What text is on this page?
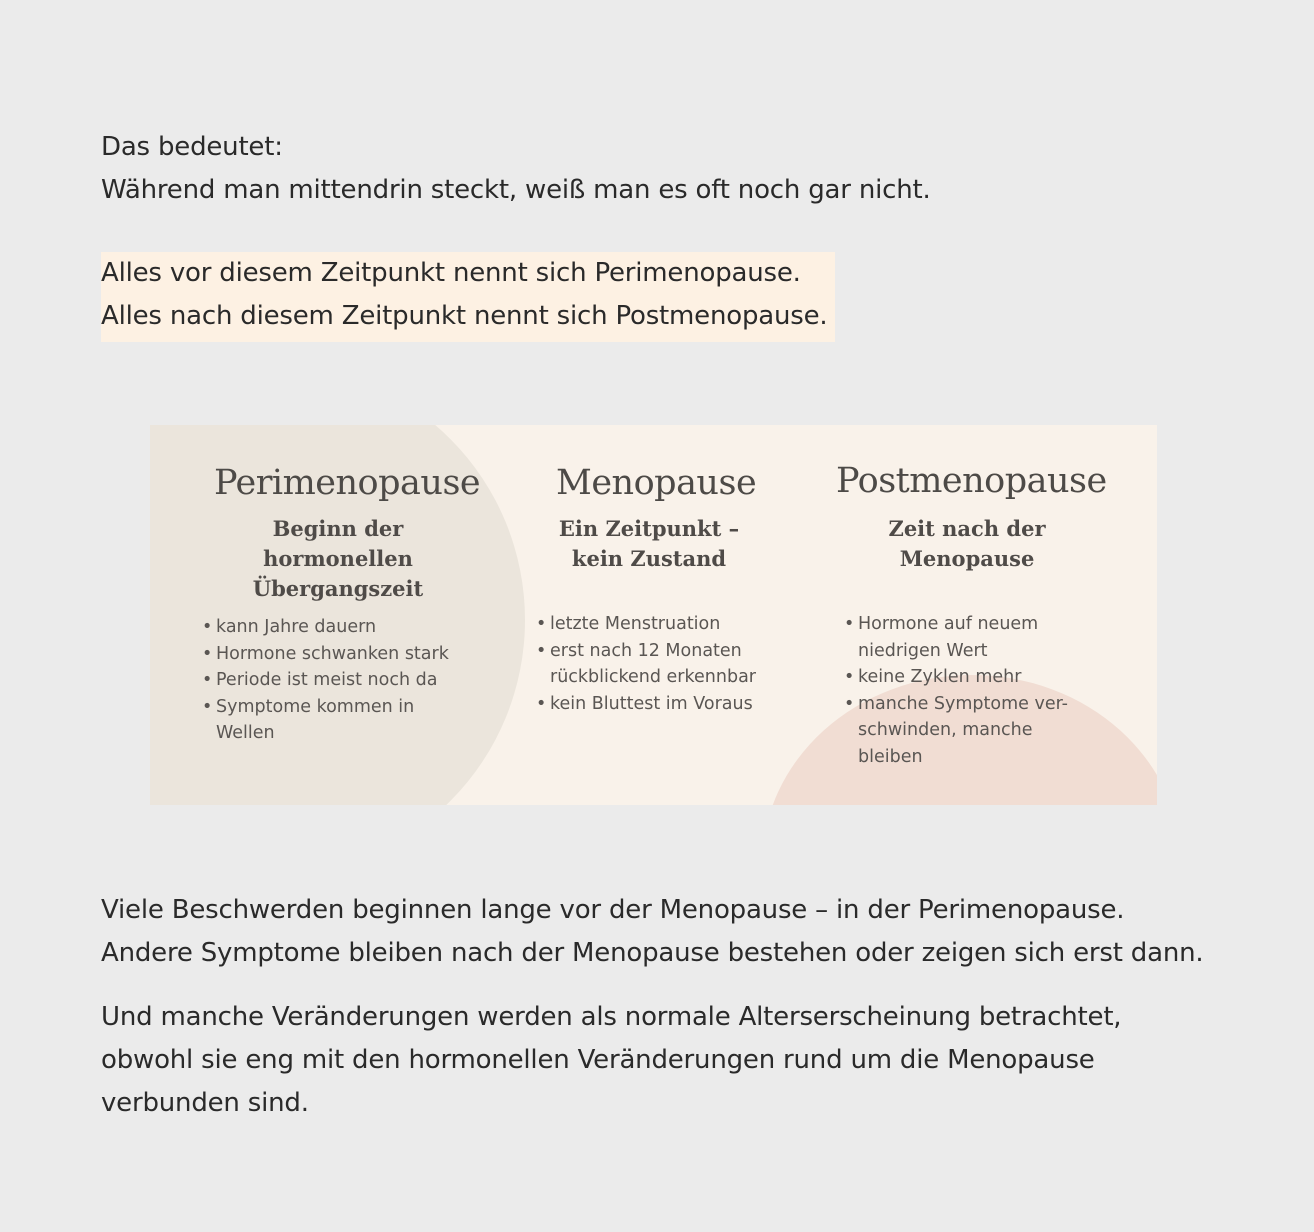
Das bedeutet:
Während man mittendrin steckt, weiß man es oft noch gar nicht.
Alles vor diesem Zeitpunkt nennt sich Perimenopause.
Alles nach diesem Zeitpunkt nennt sich Postmenopause.
Perimenopause
Beginn der
hormonellen
Übergangszeit
• kann Jahre dauern
• Hormone schwanken stark
• Periode ist meist noch da
• Symptome kommen in
Wellen
Menopause
Ein Zeitpunkt –
kein Zustand
• letzte Menstruation
• erst nach 12 Monaten
rückblickend erkennbar
• kein Bluttest im Voraus
Postmenopause
Zeit nach der
Menopause
• Hormone auf neuem
niedrigen Wert
• keine Zyklen mehr
• manche Symptome ver-
schwinden, manche
bleiben
Viele Beschwerden beginnen lange vor der Menopause – in der Perimenopause.
Andere Symptome bleiben nach der Menopause bestehen oder zeigen sich erst dann.
Und manche Veränderungen werden als normale Alterserscheinung betrachtet,
obwohl sie eng mit den hormonellen Veränderungen rund um die Menopause
verbunden sind.
